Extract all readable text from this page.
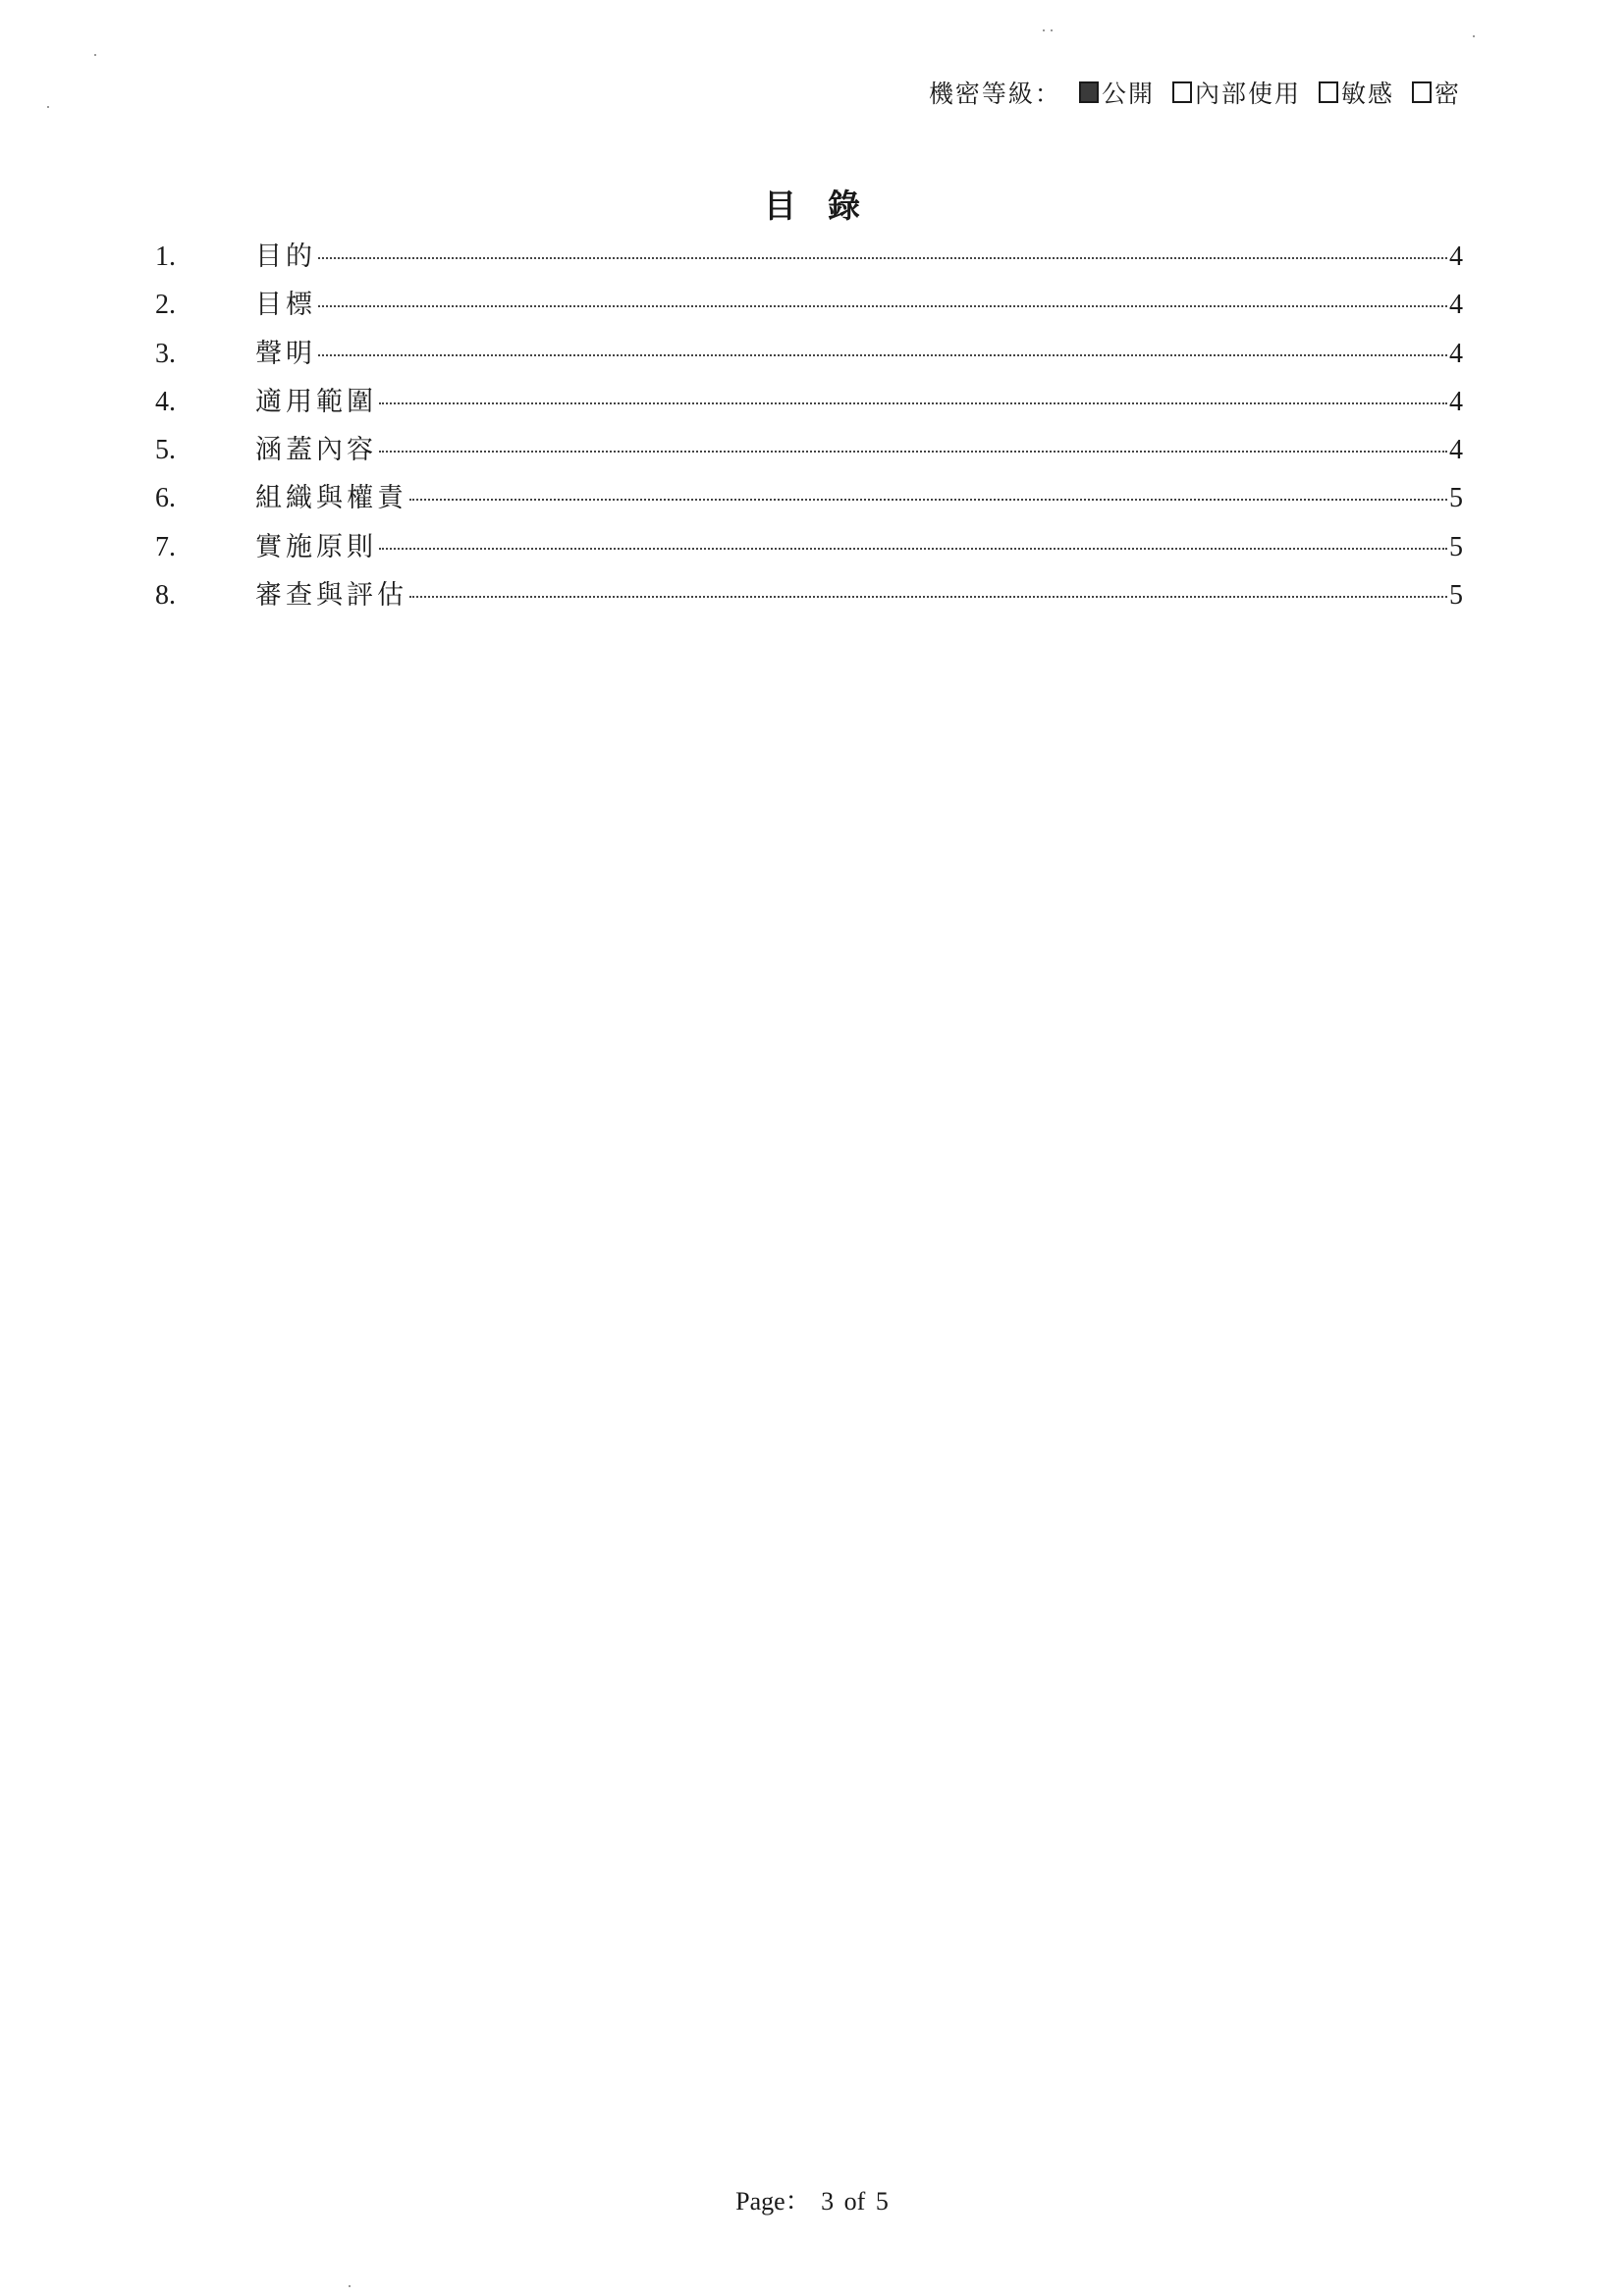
機密等級： 公開 內部使用 敏感 密
目錄
1.	目的	4
2.	目標	4
3.	聲明	4
4.	適用範圍	4
5.	涵蓋內容	4
6.	組織與權責	5
7.	實施原則	5
8.	審查與評估	5
Page： 3 of 5
